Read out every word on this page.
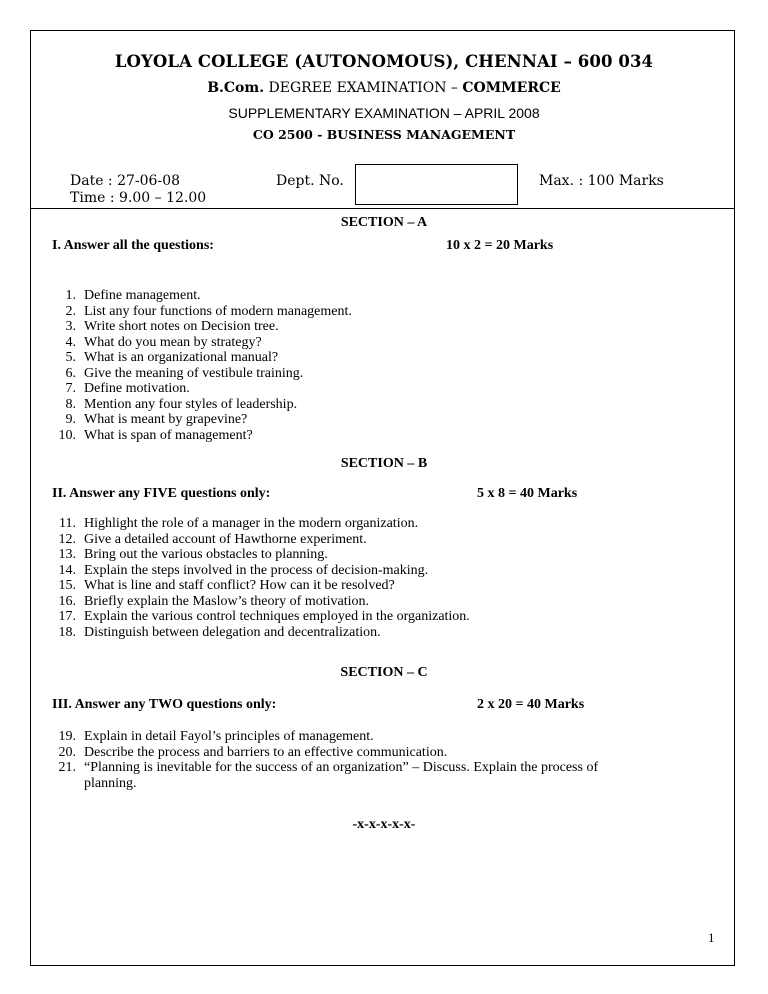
LOYOLA COLLEGE (AUTONOMOUS), CHENNAI – 600 034
B.Com. DEGREE EXAMINATION – COMMERCE
SUPPLEMENTARY EXAMINATION – APRIL 2008
CO 2500 - BUSINESS MANAGEMENT
Date : 27-06-08
Time : 9.00 – 12.00
Dept. No.	Max. : 100 Marks
SECTION – A
I. Answer all the questions:	10 x 2 = 20 Marks
1. Define management.
2. List any four functions of modern management.
3. Write short notes on Decision tree.
4. What do you mean by strategy?
5. What is an organizational manual?
6. Give the meaning of vestibule training.
7. Define motivation.
8. Mention any four styles of leadership.
9. What is meant by grapevine?
10. What is span of management?
SECTION – B
II. Answer any FIVE questions only:	5 x 8 = 40 Marks
11. Highlight the role of a manager in the modern organization.
12. Give a detailed account of Hawthorne experiment.
13. Bring out the various obstacles to planning.
14. Explain the steps involved in the process of decision-making.
15. What is line and staff conflict? How can it be resolved?
16. Briefly explain the Maslow’s theory of motivation.
17. Explain the various control techniques employed in the organization.
18. Distinguish between delegation and decentralization.
SECTION – C
III. Answer any TWO questions only:	2 x 20 = 40 Marks
19. Explain in detail Fayol’s principles of management.
20. Describe the process and barriers to an effective communication.
21. “Planning is inevitable for the success of an organization” – Discuss. Explain the process of
planning.
-x-x-x-x-x-
1
